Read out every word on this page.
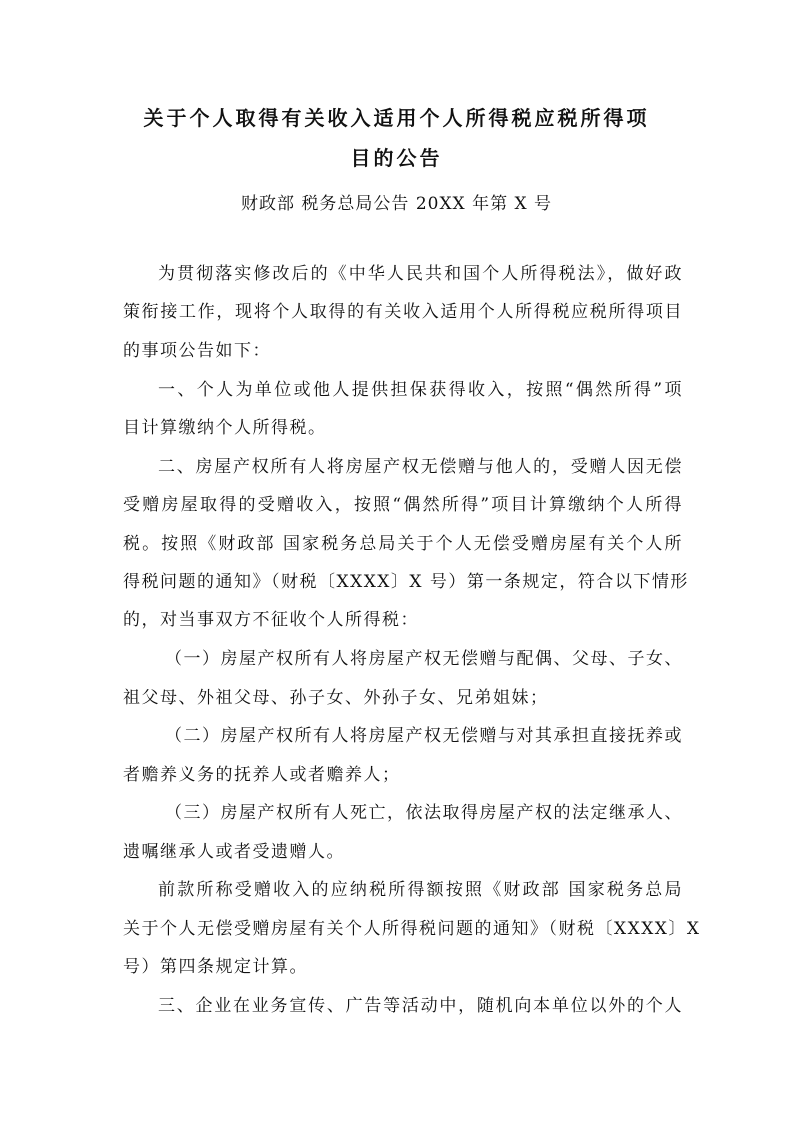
关于个人取得有关收入适用个人所得税应税所得项
目的公告
财政部 税务总局公告 20XX 年第 X 号
为贯彻落实修改后的《中华人民共和国个人所得税法》，做好政
策衔接工作，现将个人取得的有关收入适用个人所得税应税所得项目
的事项公告如下：
一、个人为单位或他人提供担保获得收入，按照“偶然所得”项
目计算缴纳个人所得税。
二、房屋产权所有人将房屋产权无偿赠与他人的，受赠人因无偿
受赠房屋取得的受赠收入，按照“偶然所得”项目计算缴纳个人所得
税。按照《财政部 国家税务总局关于个人无偿受赠房屋有关个人所
得税问题的通知》（财税〔XXXX〕X 号）第一条规定，符合以下情形
的，对当事双方不征收个人所得税：
（一）房屋产权所有人将房屋产权无偿赠与配偶、父母、子女、
祖父母、外祖父母、孙子女、外孙子女、兄弟姐妹；
（二）房屋产权所有人将房屋产权无偿赠与对其承担直接抚养或
者赡养义务的抚养人或者赡养人；
（三）房屋产权所有人死亡，依法取得房屋产权的法定继承人、
遗嘱继承人或者受遗赠人。
前款所称受赠收入的应纳税所得额按照《财政部 国家税务总局
关于个人无偿受赠房屋有关个人所得税问题的通知》（财税〔XXXX〕X
号）第四条规定计算。
三、企业在业务宣传、广告等活动中，随机向本单位以外的个人
